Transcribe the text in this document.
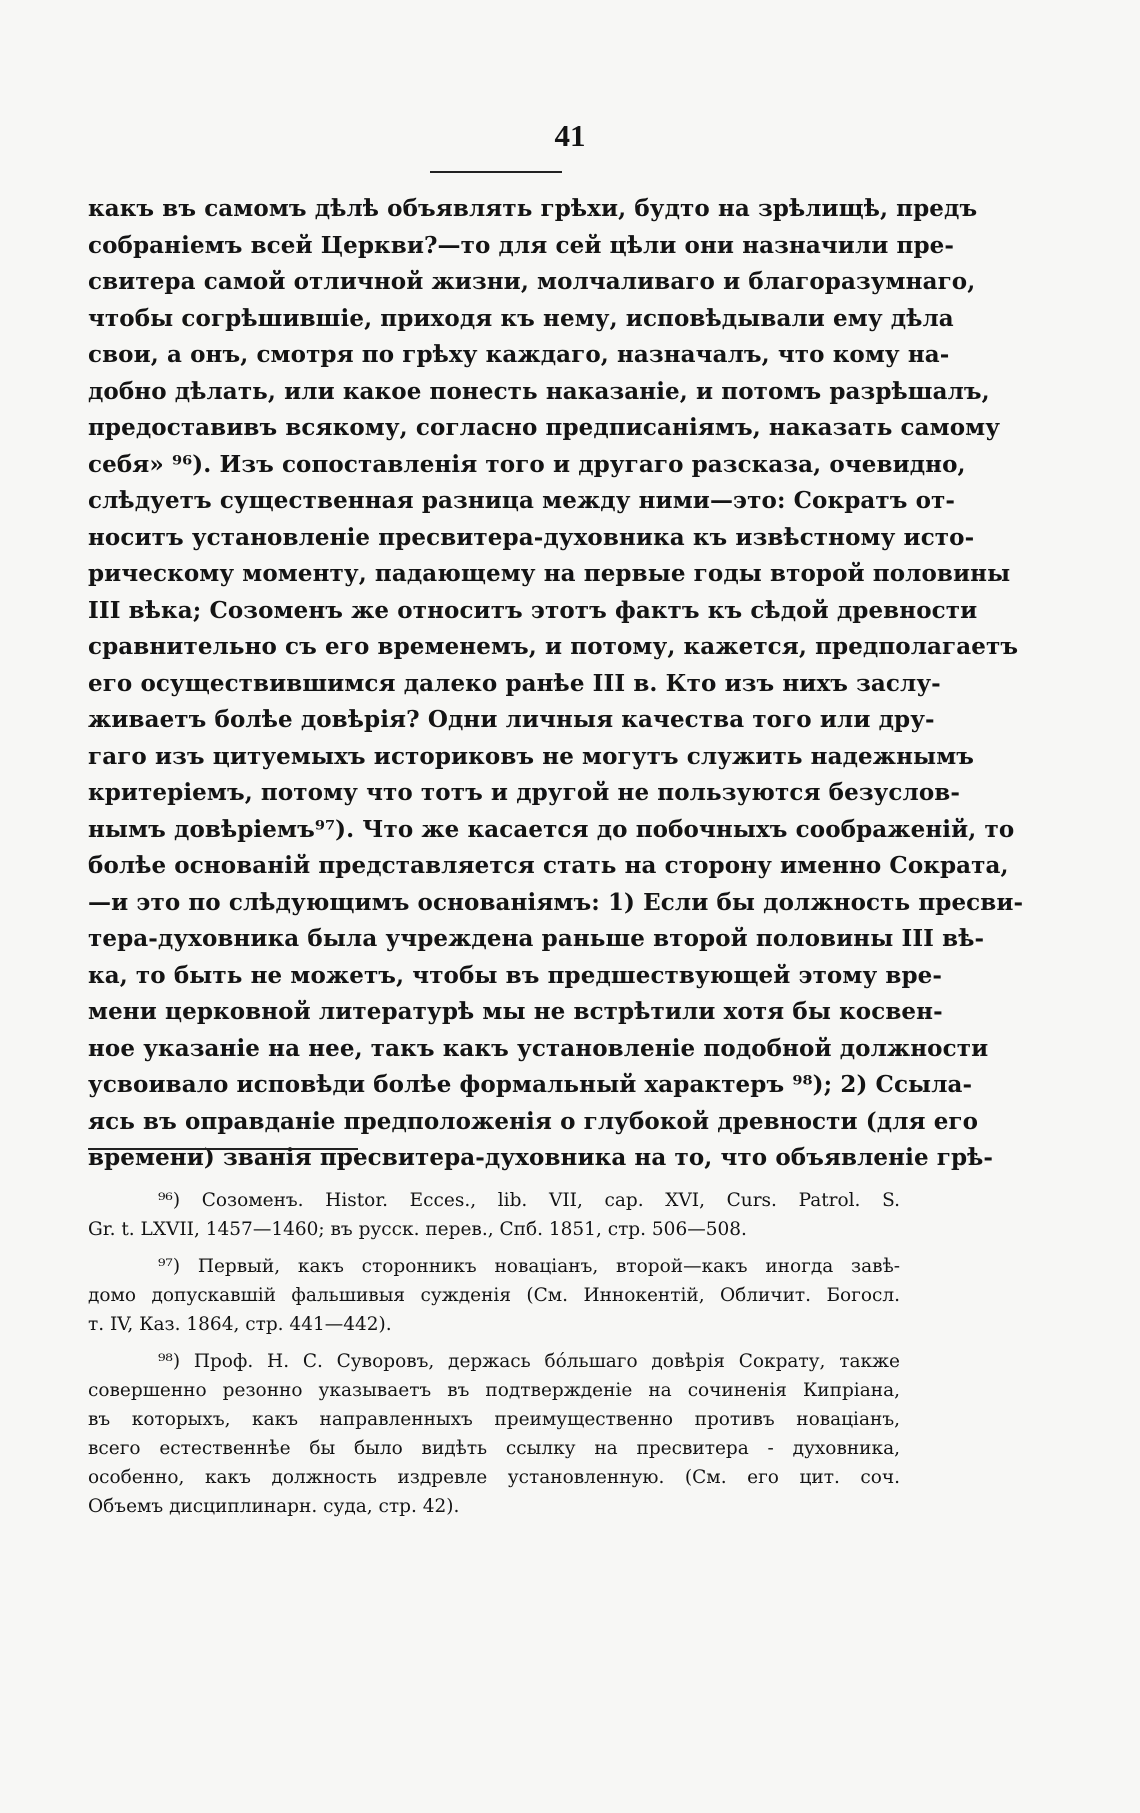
41
какъ въ самомъ дѣлѣ объявлять грѣхи, будто на зрѣлищѣ, предъ
собраніемъ всей Церкви?—то для сей цѣли они назначили пре-
свитера самой отличной жизни, молчаливаго и благоразумнаго,
чтобы согрѣшившіе, приходя къ нему, исповѣдывали ему дѣла
свои, а онъ, смотря по грѣху каждаго, назначалъ, что кому на-
добно дѣлать, или какое понесть наказаніе, и потомъ разрѣшалъ,
предоставивъ всякому, согласно предписаніямъ, наказать самому
себя» ⁹⁶). Изъ сопоставленія того и другаго разсказа, очевидно,
слѣдуетъ существенная разница между ними—это: Сократъ от-
носитъ установленіе пресвитера-духовника къ извѣстному исто-
рическому моменту, падающему на первые годы второй половины
III вѣка; Созоменъ же относитъ этотъ фактъ къ сѣдой древности
сравнительно съ его временемъ, и потому, кажется, предполагаетъ
его осуществившимся далеко ранѣе III в. Кто изъ нихъ заслу-
живаетъ болѣе довѣрія? Одни личныя качества того или дру-
гаго изъ цитуемыхъ историковъ не могутъ служить надежнымъ
критеріемъ, потому что тотъ и другой не пользуются безуслов-
нымъ довѣріемъ⁹⁷). Что же касается до побочныхъ соображеній, то
болѣе основаній представляется стать на сторону именно Сократа,
—и это по слѣдующимъ основаніямъ: 1) Если бы должность пресви-
тера-духовника была учреждена раньше второй половины III вѣ-
ка, то быть не можетъ, чтобы въ предшествующей этому вре-
мени церковной литературѣ мы не встрѣтили хотя бы косвен-
ное указаніе на нее, такъ какъ установленіе подобной должности
усвоивало исповѣди болѣе формальный характеръ ⁹⁸); 2) Ссыла-
ясь въ оправданіе предположенія о глубокой древности (для его
времени) званія пресвитера-духовника на то, что объявленіе грѣ-
⁹⁶) Созоменъ. Histor. Ecces., lib. VII, cap. XVI, Curs. Patrol. S.
Gr. t. LXVII, 1457—1460; въ русск. перев., Спб. 1851, стр. 506—508.
⁹⁷) Первый, какъ сторонникъ новаціанъ, второй—какъ иногда завѣ-
домо допускавшій фальшивыя сужденія (См. Иннокентій, Обличит. Богосл.
т. IV, Каз. 1864, стр. 441—442).
⁹⁸) Проф. Н. С. Суворовъ, держась бо́льшаго довѣрія Сократу, также
совершенно резонно указываетъ въ подтвержденіе на сочиненія Кипріана,
въ которыхъ, какъ направленныхъ преимущественно противъ новаціанъ,
всего естественнѣе бы было видѣть ссылку на пресвитера - духовника,
особенно, какъ должность издревле установленную. (См. его цит. соч.
Объемъ дисциплинарн. суда, стр. 42).
